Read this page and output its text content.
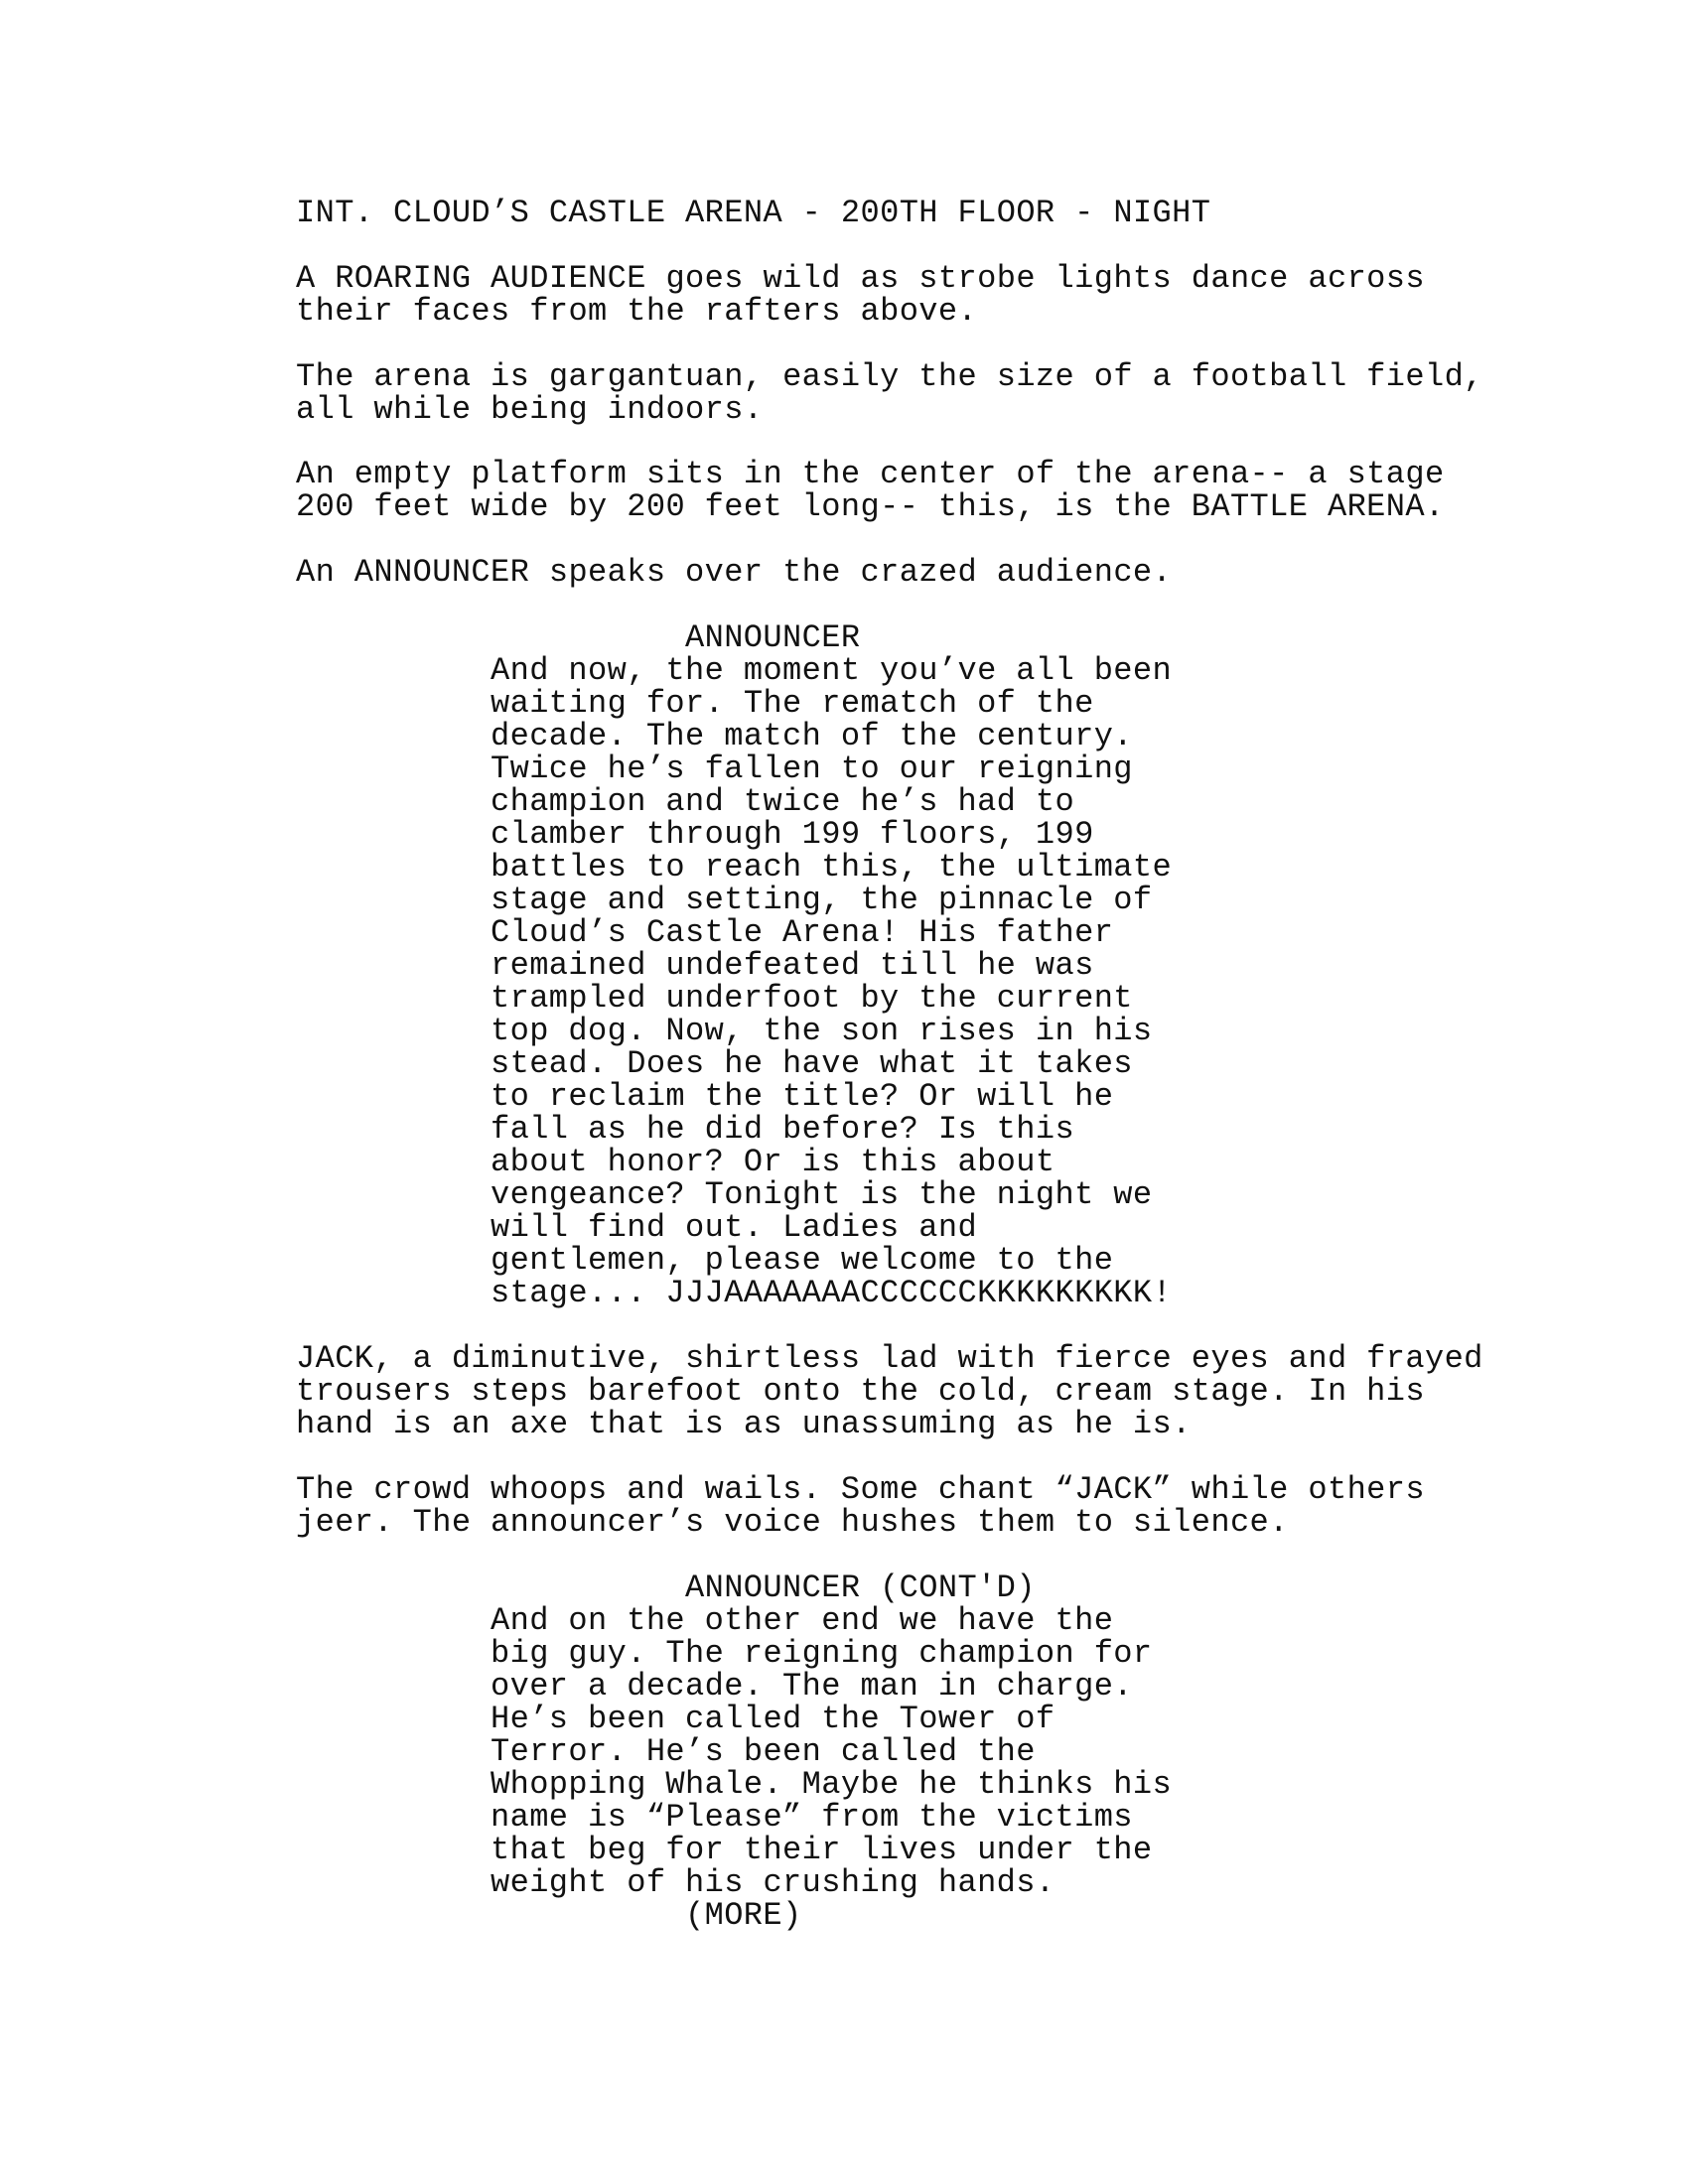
INT. CLOUD’S CASTLE ARENA - 200TH FLOOR - NIGHT
A ROARING AUDIENCE goes wild as strobe lights dance across
their faces from the rafters above.
The arena is gargantuan, easily the size of a football field,
all while being indoors.
An empty platform sits in the center of the arena-- a stage
200 feet wide by 200 feet long-- this, is the BATTLE ARENA.
An ANNOUNCER speaks over the crazed audience.
ANNOUNCER
And now, the moment you’ve all been
waiting for. The rematch of the
decade. The match of the century.
Twice he’s fallen to our reigning
champion and twice he’s had to
clamber through 199 floors, 199
battles to reach this, the ultimate
stage and setting, the pinnacle of
Cloud’s Castle Arena! His father
remained undefeated till he was
trampled underfoot by the current
top dog. Now, the son rises in his
stead. Does he have what it takes
to reclaim the title? Or will he
fall as he did before? Is this
about honor? Or is this about
vengeance? Tonight is the night we
will find out. Ladies and
gentlemen, please welcome to the
stage... JJJAAAAAAACCCCCCKKKKKKKKK!
JACK, a diminutive, shirtless lad with fierce eyes and frayed
trousers steps barefoot onto the cold, cream stage. In his
hand is an axe that is as unassuming as he is.
The crowd whoops and wails. Some chant “JACK” while others
jeer. The announcer’s voice hushes them to silence.
ANNOUNCER (CONT'D)
And on the other end we have the
big guy. The reigning champion for
over a decade. The man in charge.
He’s been called the Tower of
Terror. He’s been called the
Whopping Whale. Maybe he thinks his
name is “Please” from the victims
that beg for their lives under the
weight of his crushing hands.
(MORE)
